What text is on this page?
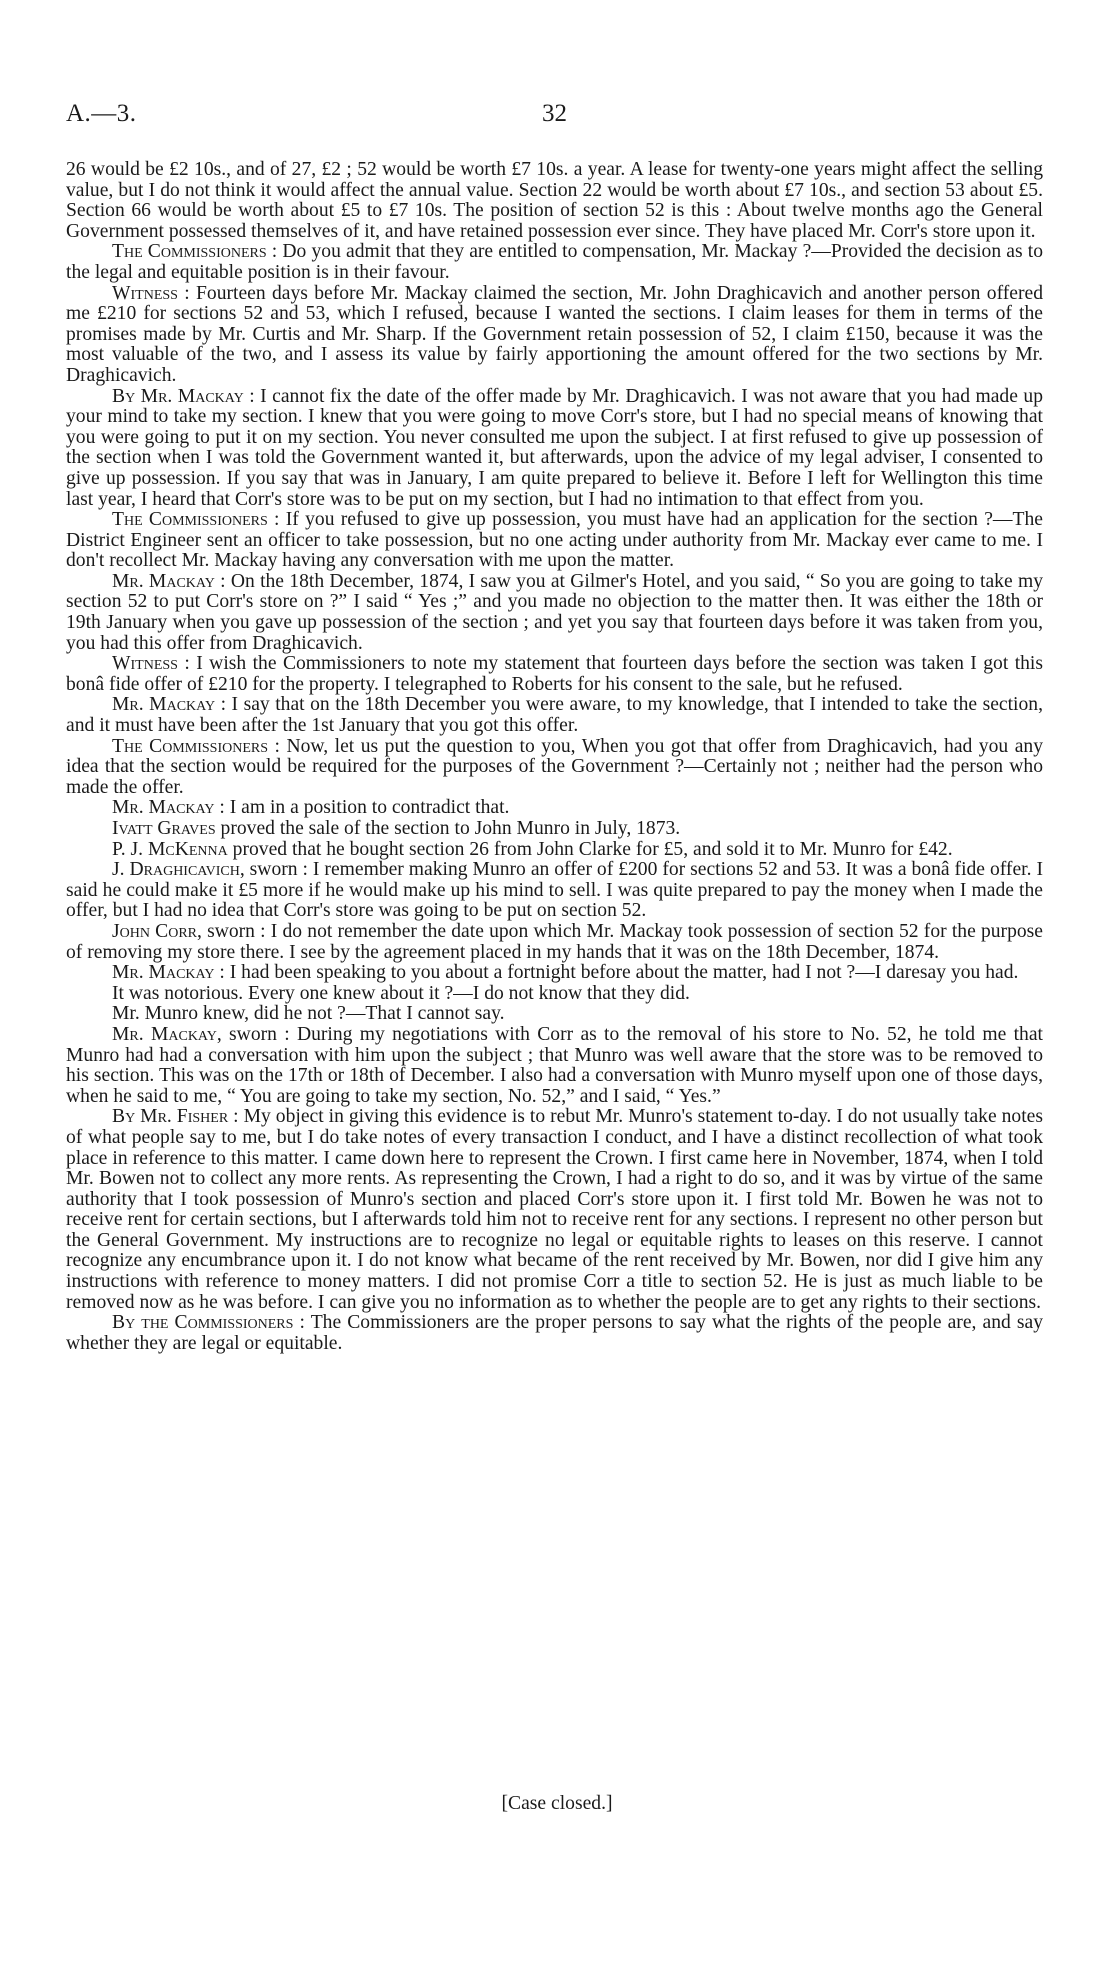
A.—3.	32

26 would be £2 10s., and of 27, £2 ; 52 would be worth £7 10s. a year. A lease for twenty-one years might affect the selling value, but I do not think it would affect the annual value. Section 22 would be worth about £7 10s., and section 53 about £5. Section 66 would be worth about £5 to £7 10s. The position of section 52 is this : About twelve months ago the General Government possessed themselves of it, and have retained possession ever since. They have placed Mr. Corr's store upon it.

The Commissioners : Do you admit that they are entitled to compensation, Mr. Mackay ?—Provided the decision as to the legal and equitable position is in their favour.

Witness : Fourteen days before Mr. Mackay claimed the section, Mr. John Draghicavich and another person offered me £210 for sections 52 and 53, which I refused, because I wanted the sections. I claim leases for them in terms of the promises made by Mr. Curtis and Mr. Sharp. If the Government retain possession of 52, I claim £150, because it was the most valuable of the two, and I assess its value by fairly apportioning the amount offered for the two sections by Mr. Draghicavich.

By Mr. Mackay : I cannot fix the date of the offer made by Mr. Draghicavich. I was not aware that you had made up your mind to take my section. I knew that you were going to move Corr's store, but I had no special means of knowing that you were going to put it on my section. You never consulted me upon the subject. I at first refused to give up possession of the section when I was told the Government wanted it, but afterwards, upon the advice of my legal adviser, I consented to give up possession. If you say that was in January, I am quite prepared to believe it. Before I left for Wellington this time last year, I heard that Corr's store was to be put on my section, but I had no intimation to that effect from you.

The Commissioners : If you refused to give up possession, you must have had an application for the section ?—The District Engineer sent an officer to take possession, but no one acting under authority from Mr. Mackay ever came to me. I don't recollect Mr. Mackay having any conversation with me upon the matter.

Mr. Mackay : On the 18th December, 1874, I saw you at Gilmer's Hotel, and you said, “ So you are going to take my section 52 to put Corr's store on ?” I said “ Yes ;” and you made no objection to the matter then. It was either the 18th or 19th January when you gave up possession of the section ; and yet you say that fourteen days before it was taken from you, you had this offer from Draghicavich.

Witness : I wish the Commissioners to note my statement that fourteen days before the section was taken I got this bonâ fide offer of £210 for the property. I telegraphed to Roberts for his consent to the sale, but he refused.

Mr. Mackay : I say that on the 18th December you were aware, to my knowledge, that I intended to take the section, and it must have been after the 1st January that you got this offer.

The Commissioners : Now, let us put the question to you, When you got that offer from Draghicavich, had you any idea that the section would be required for the purposes of the Government ?—Certainly not ; neither had the person who made the offer.

Mr. Mackay : I am in a position to contradict that.

Ivatt Graves proved the sale of the section to John Munro in July, 1873.

P. J. McKenna proved that he bought section 26 from John Clarke for £5, and sold it to Mr. Munro for £42.

J. Draghicavich, sworn : I remember making Munro an offer of £200 for sections 52 and 53. It was a bonâ fide offer. I said he could make it £5 more if he would make up his mind to sell. I was quite prepared to pay the money when I made the offer, but I had no idea that Corr's store was going to be put on section 52.

John Corr, sworn : I do not remember the date upon which Mr. Mackay took possession of section 52 for the purpose of removing my store there. I see by the agreement placed in my hands that it was on the 18th December, 1874.

Mr. Mackay : I had been speaking to you about a fortnight before about the matter, had I not ?—I daresay you had.

It was notorious. Every one knew about it ?—I do not know that they did.

Mr. Munro knew, did he not ?—That I cannot say.

Mr. Mackay, sworn : During my negotiations with Corr as to the removal of his store to No. 52, he told me that Munro had had a conversation with him upon the subject ; that Munro was well aware that the store was to be removed to his section. This was on the 17th or 18th of December. I also had a conversation with Munro myself upon one of those days, when he said to me, “ You are going to take my section, No. 52,” and I said, “ Yes.”

By Mr. Fisher : My object in giving this evidence is to rebut Mr. Munro's statement to-day. I do not usually take notes of what people say to me, but I do take notes of every transaction I conduct, and I have a distinct recollection of what took place in reference to this matter. I came down here to represent the Crown. I first came here in November, 1874, when I told Mr. Bowen not to collect any more rents. As representing the Crown, I had a right to do so, and it was by virtue of the same authority that I took possession of Munro's section and placed Corr's store upon it. I first told Mr. Bowen he was not to receive rent for certain sections, but I afterwards told him not to receive rent for any sections. I represent no other person but the General Government. My instructions are to recognize no legal or equitable rights to leases on this reserve. I cannot recognize any encumbrance upon it. I do not know what became of the rent received by Mr. Bowen, nor did I give him any instructions with reference to money matters. I did not promise Corr a title to section 52. He is just as much liable to be removed now as he was before. I can give you no information as to whether the people are to get any rights to their sections.

By the Commissioners : The Commissioners are the proper persons to say what the rights of the people are, and say whether they are legal or equitable.

[Case closed.]
